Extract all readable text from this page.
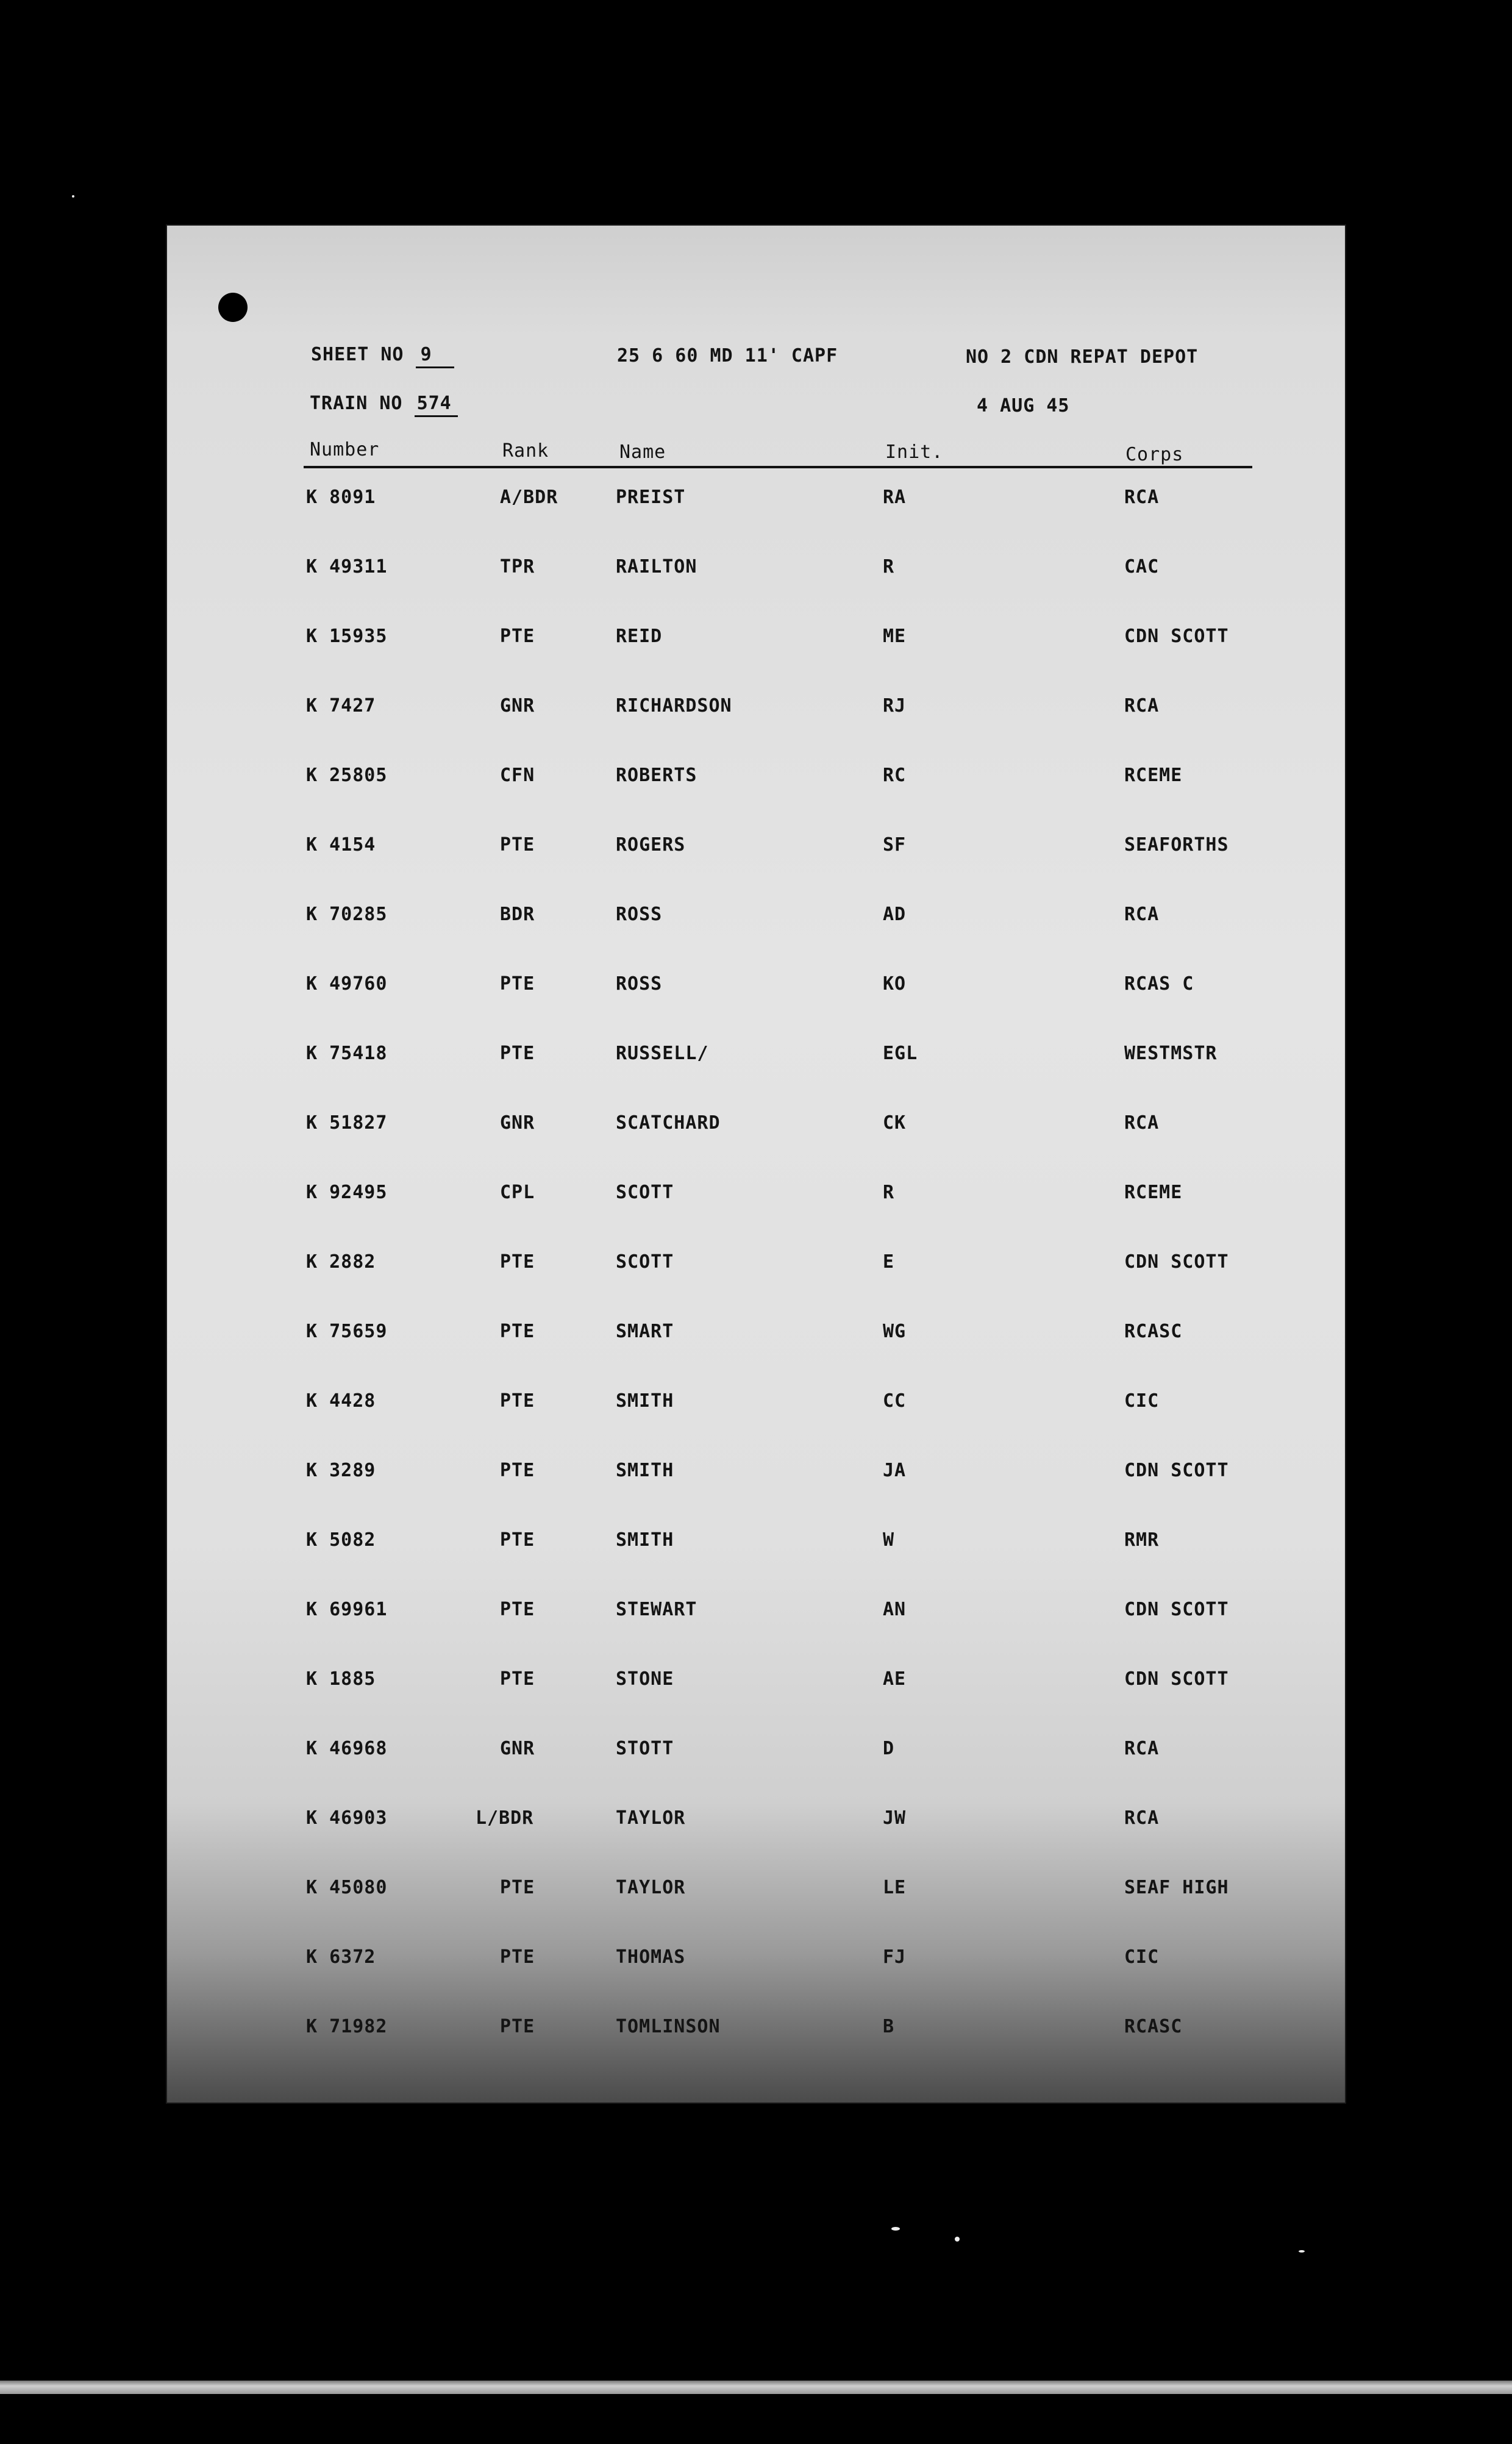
SHEET NO 9	25 6 60 MD 11' CAPF	NO 2 CDN REPAT DEPOT
TRAIN NO 574	4 AUG 45
Number	Rank	Name	Init.	Corps
K 8091	A/BDR	PREIST	RA	RCA
K 49311	TPR	RAILTON	R	CAC
K 15935	PTE	REID	ME	CDN SCOTT
K 7427	GNR	RICHARDSON	RJ	RCA
K 25805	CFN	ROBERTS	RC	RCEME
K 4154	PTE	ROGERS	SF	SEAFORTHS
K 70285	BDR	ROSS	AD	RCA
K 49760	PTE	ROSS	KO	RCAS C
K 75418	PTE	RUSSELL/	EGL	WESTMSTR
K 51827	GNR	SCATCHARD	CK	RCA
K 92495	CPL	SCOTT	R	RCEME
K 2882	PTE	SCOTT	E	CDN SCOTT
K 75659	PTE	SMART	WG	RCASC
K 4428	PTE	SMITH	CC	CIC
K 3289	PTE	SMITH	JA	CDN SCOTT
K 5082	PTE	SMITH	W	RMR
K 69961	PTE	STEWART	AN	CDN SCOTT
K 1885	PTE	STONE	AE	CDN SCOTT
K 46968	GNR	STOTT	D	RCA
K 46903	L/BDR	TAYLOR	JW	RCA
K 45080	PTE	TAYLOR	LE	SEAF HIGH
K 6372	PTE	THOMAS	FJ	CIC
K 71982	PTE	TOMLINSON	B	RCASC
